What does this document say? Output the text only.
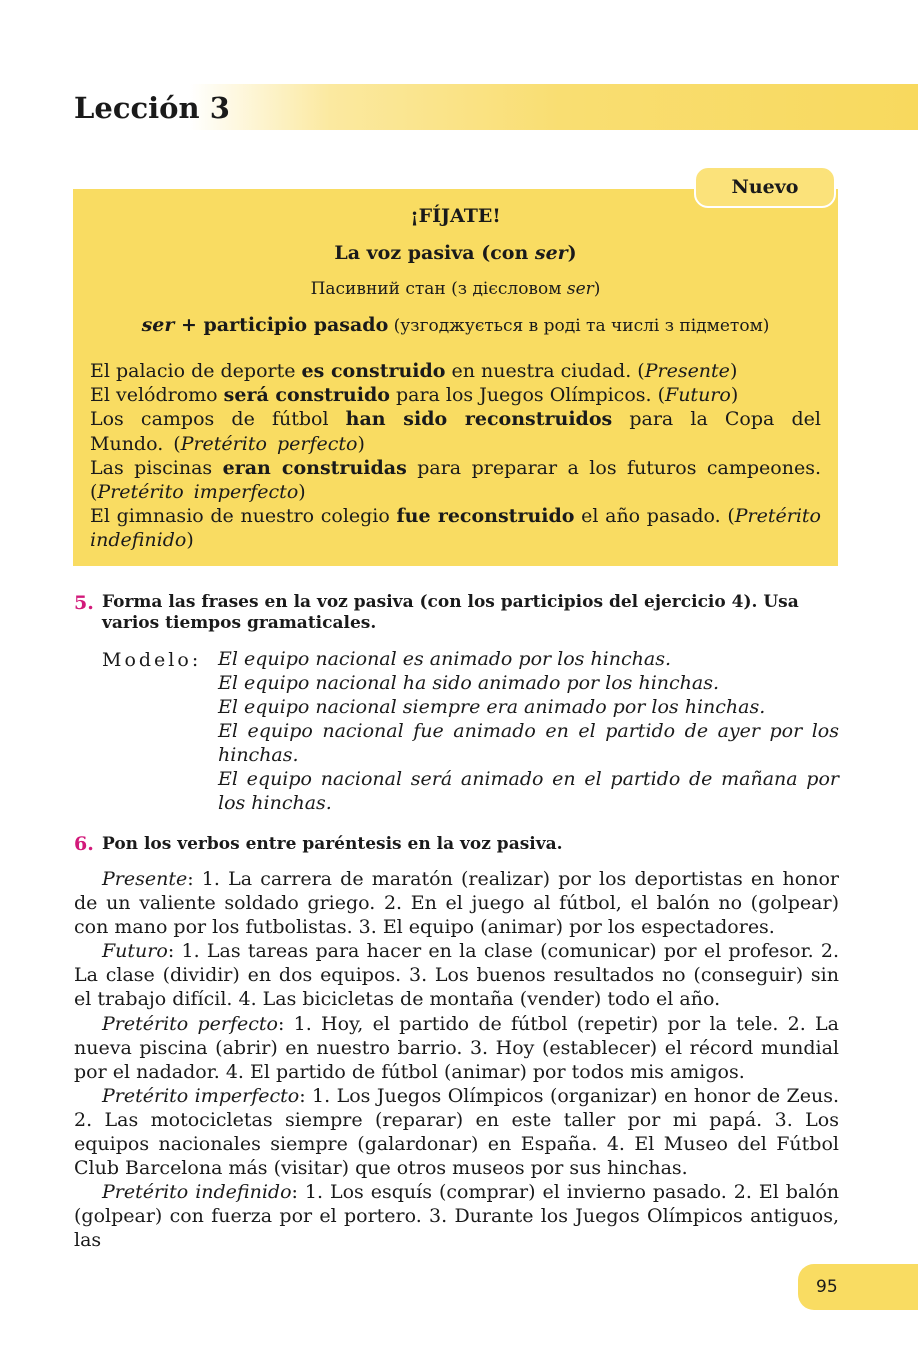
Lección 3
Nuevo
¡FÍJATE!
La voz pasiva (con ser)
Пасивний стан (з дієсловом ser)
ser + participio pasado (узгоджується в роді та числі з підметом)
El palacio de deporte es construido en nuestra ciudad. (Presente)
El velódromo será construido para los Juegos Olímpicos. (Futuro)
Los campos de fútbol han sido reconstruidos para la Copa del Mundo. (Pretérito perfecto)
Las piscinas eran construidas para preparar a los futuros campeones. (Pretérito imperfecto)
El gimnasio de nuestro colegio fue reconstruido el año pasado. (Pretérito indefinido)
5. Forma las frases en la voz pasiva (con los participios del ejercicio 4). Usa varios tiempos gramaticales.
Modelo: El equipo nacional es animado por los hinchas.
El equipo nacional ha sido animado por los hinchas.
El equipo nacional siempre era animado por los hinchas.
El equipo nacional fue animado en el partido de ayer por los hinchas.
El equipo nacional será animado en el partido de mañana por los hinchas.
6. Pon los verbos entre paréntesis en la voz pasiva.

Presente: 1. La carrera de maratón (realizar) por los deportistas en honor de un valiente soldado griego. 2. En el juego al fútbol, el balón no (golpear) con mano por los futbolistas. 3. El equipo (animar) por los espectadores.

Futuro: 1. Las tareas para hacer en la clase (comunicar) por el profesor. 2. La clase (dividir) en dos equipos. 3. Los buenos resultados no (conseguir) sin el trabajo difícil. 4. Las bicicletas de montaña (vender) todo el año.

Pretérito perfecto: 1. Hoy, el partido de fútbol (repetir) por la tele. 2. La nueva piscina (abrir) en nuestro barrio. 3. Hoy (establecer) el récord mundial por el nadador. 4. El partido de fútbol (animar) por todos mis amigos.

Pretérito imperfecto: 1. Los Juegos Olímpicos (organizar) en honor de Zeus. 2. Las motocicletas siempre (reparar) en este taller por mi papá. 3. Los equipos nacionales siempre (galardonar) en España. 4. El Museo del Fútbol Club Barcelona más (visitar) que otros museos por sus hinchas.

Pretérito indefinido: 1. Los esquís (comprar) el invierno pasado. 2. El balón (golpear) con fuerza por el portero. 3. Durante los Juegos Olímpicos antiguos, las

95
